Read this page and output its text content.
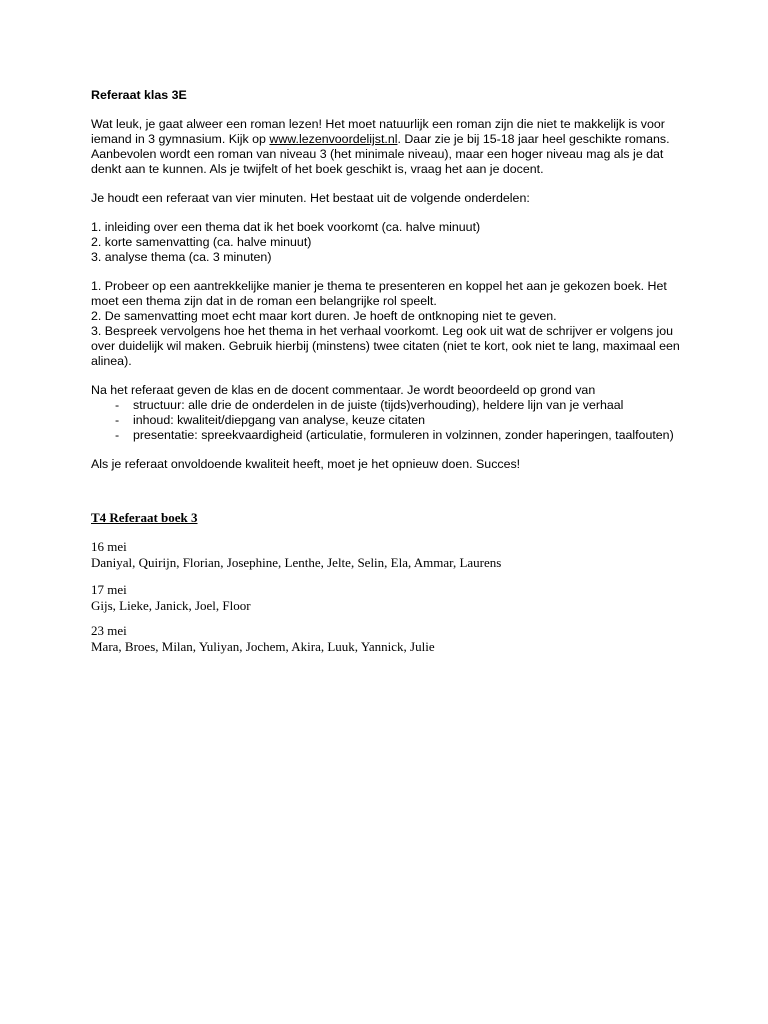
Referaat klas 3E

Wat leuk, je gaat alweer een roman lezen! Het moet natuurlijk een roman zijn die niet te makkelijk is voor iemand in 3 gymnasium. Kijk op www.lezenvoordelijst.nl. Daar zie je bij 15-18 jaar heel geschikte romans. Aanbevolen wordt een roman van niveau 3 (het minimale niveau), maar een hoger niveau mag als je dat denkt aan te kunnen. Als je twijfelt of het boek geschikt is, vraag het aan je docent.

Je houdt een referaat van vier minuten. Het bestaat uit de volgende onderdelen:

1. inleiding over een thema dat ik het boek voorkomt (ca. halve minuut)

2. korte samenvatting (ca. halve minuut)

3. analyse thema (ca. 3 minuten)

1. Probeer op een aantrekkelijke manier je thema te presenteren en koppel het aan je gekozen boek. Het moet een thema zijn dat in de roman een belangrijke rol speelt.

2. De samenvatting moet echt maar kort duren. Je hoeft de ontknoping niet te geven.

3. Bespreek vervolgens hoe het thema in het verhaal voorkomt. Leg ook uit wat de schrijver er volgens jou over duidelijk wil maken. Gebruik hierbij (minstens) twee citaten (niet te kort, ook niet te lang, maximaal een alinea).

Na het referaat geven de klas en de docent commentaar. Je wordt beoordeeld op grond van

- structuur: alle drie de onderdelen in de juiste (tijds)verhouding), heldere lijn van je verhaal
- inhoud: kwaliteit/diepgang van analyse, keuze citaten
- presentatie: spreekvaardigheid (articulatie, formuleren in volzinnen, zonder haperingen, taalfouten)
Als je referaat onvoldoende kwaliteit heeft, moet je het opnieuw doen. Succes!
T4 Referaat boek 3

16 mei

Daniyal, Quirijn, Florian, Josephine, Lenthe, Jelte, Selin, Ela, Ammar, Laurens

17 mei

Gijs, Lieke, Janick, Joel, Floor

23 mei

Mara, Broes, Milan, Yuliyan, Jochem, Akira, Luuk, Yannick, Julie
